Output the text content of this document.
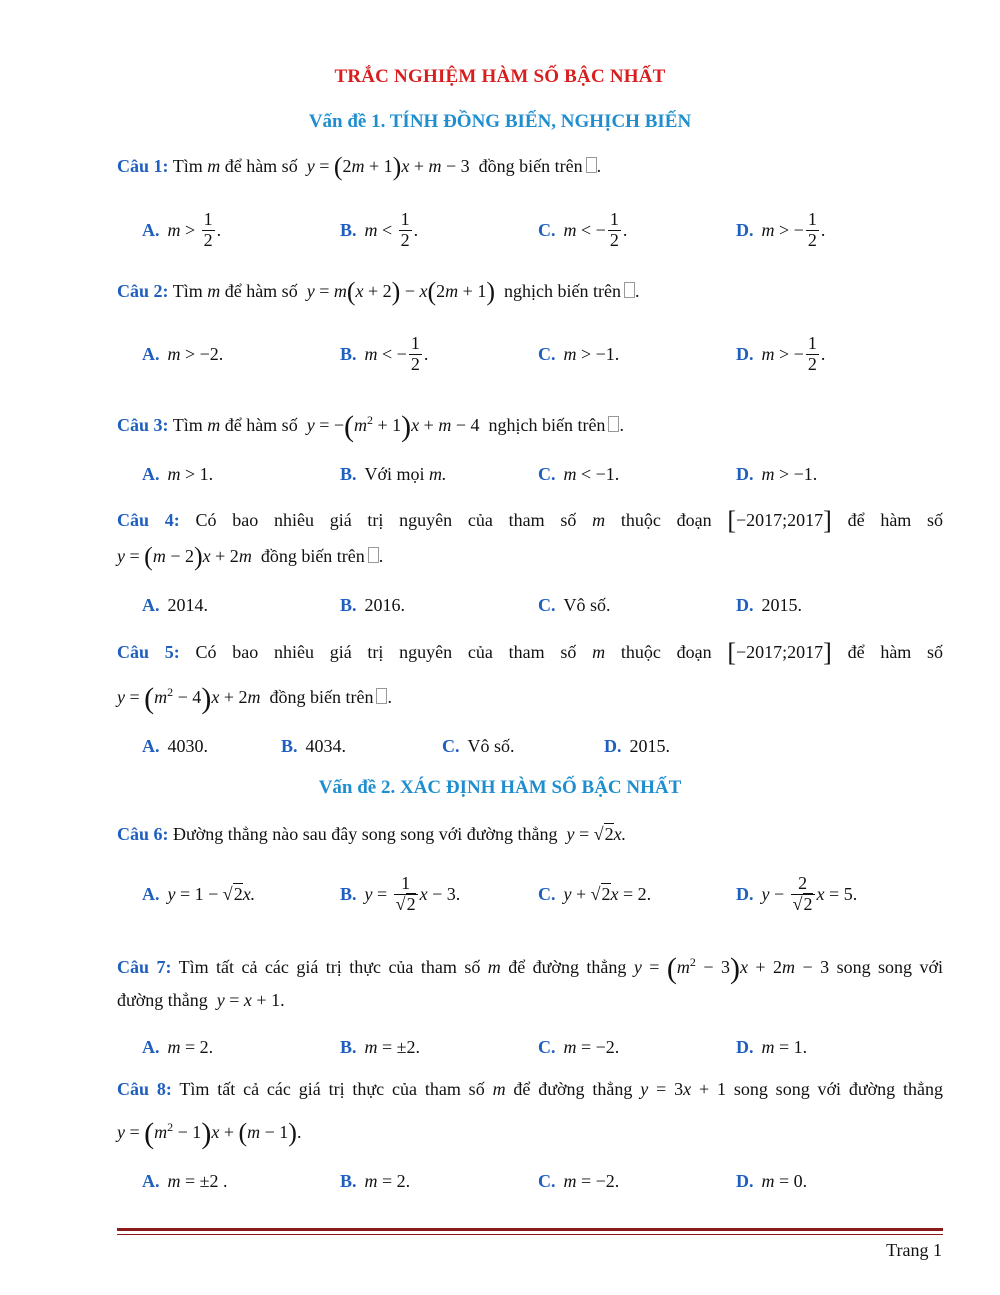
TRẮC NGHIỆM HÀM SỐ BẬC NHẤT
Vấn đề 1. TÍNH ĐỒNG BIẾN, NGHỊCH BIẾN
Câu 1: Tìm m để hàm số y = (2m + 1)x + m − 3  đồng biến trên .
A. $m > \frac{1}{2}$ .	B. $m < \frac{1}{2}$ .	C. m < − $\frac{1}{2}$ .	D. m > − $\frac{1}{2}$ .
Câu 2: Tìm m để hàm số y = m(x + 2) − x(2m + 1) nghịch biến trên .
A. m > −2.	B. m < − $\frac{1}{2}$ .	C. m > −1.	D. m > − $\frac{1}{2}$ .
Câu 3: Tìm m để hàm số $y = -(m^2 + 1)x + m - 4$  nghịch biến trên .
A. m > 1.	B. Với mọi
m.	C. m < −1.	D. m > −1.
Câu 4: Có bao nhiêu giá trị nguyên của tham số m thuộc đoạn [−2017;2017] để hàm số
y = (m − 2)x + 2m đồng biến trên .
A. 2014.	B. 2016.	C. Vô số.	D. 2015.
Câu 5: Có bao nhiêu giá trị nguyên của tham số m thuộc đoạn [−2017;2017] để hàm số
$y = (m^2 - 4)x + 2m$ đồng biến trên .
A. 4030.	B. 4034.	C. Vô số.	D. 2015.
Vấn đề 2. XÁC ĐỊNH HÀM SỐ BẬC NHẤT
Câu 6: Đường thẳng nào sau đây song song với đường thẳng y = √2x.
A. y = 1 − √ 2 x.	B. $y = \frac{1}{√2}$ x − 3.	C. y + √ 2 x = 2.	D. $y - \frac{2}{√2}$ x = 5.
Câu 7: Tìm tất cả các giá trị thực của tham số m để đường thẳng $y = (m^2 - 3)x + 2m - 3$ song song với
đường thẳng y = x + 1.
A. m = 2.	B. m = ±2.	C. m = −2.	D. m = 1.
Câu 8: Tìm tất cả các giá trị thực của tham số m để đường thẳng y = 3x + 1 song song với đường thẳng
$y = (m^2 - 1)x + (m - 1)$.
A. m = ±2 .	B. m = 2.	C. m = −2.	D. m = 0.
Trang 1
